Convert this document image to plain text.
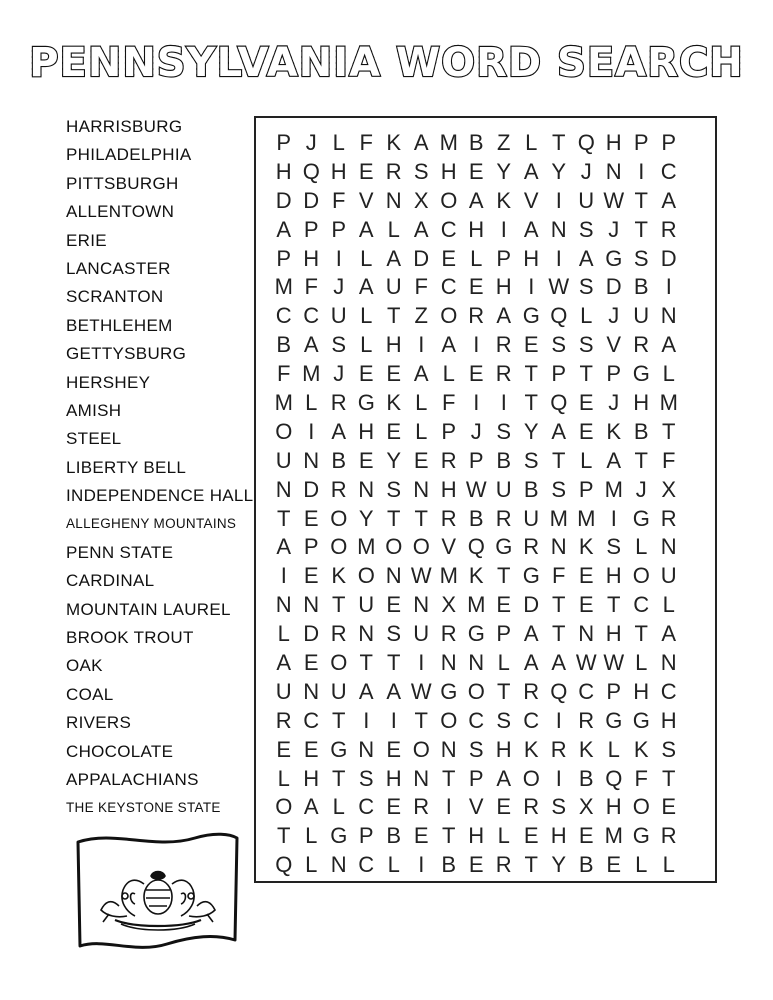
PENNSYLVANIA WORD SEARCH
HARRISBURG
PHILADELPHIA
PITTSBURGH
ALLENTOWN
ERIE
LANCASTER
SCRANTON
BETHLEHEM
GETTYSBURG
HERSHEY
AMISH
STEEL
LIBERTY BELL
INDEPENDENCE HALL
ALLEGHENY MOUNTAINS
PENN STATE
CARDINAL
MOUNTAIN LAUREL
BROOK TROUT
OAK
COAL
RIVERS
CHOCOLATE
APPALACHIANS
THE KEYSTONE STATE
P J L F K A M B Z L T Q H P P
H Q H E R S H E Y A Y J N I C
D D F V N X O A K V I U W T A
A P P A L A C H I A N S J T R
P H I L A D E L P H I A G S D
M F J A U F C E H I W S D B I
C C U L T Z O R A G Q L J U N
B A S L H I A I R E S S V R A
F M J E E A L E R T P T P G L
M L R G K L F I I T Q E J H M
O I A H E L P J S Y A E K B T
U N B E Y E R P B S T L A T F
N D R N S N H W U B S P M J X
T E O Y T T R B R U M M I G R
A P O M O O V Q G R N K S L N
I E K O N W M K T G F E H O U
N N T U E N X M E D T E T C L
L D R N S U R G P A T N H T A
A E O T T I N N L A A W W L N
U N U A A W G O T R Q C P H C
R C T I I T O C S C I R G G H
E E G N E O N S H K R K L K S
L H T S H N T P A O I B Q F T
O A L C E R I V E R S X H O E
T L G P B E T H L E H E M G R
Q L N C L I B E R T Y B E L L
